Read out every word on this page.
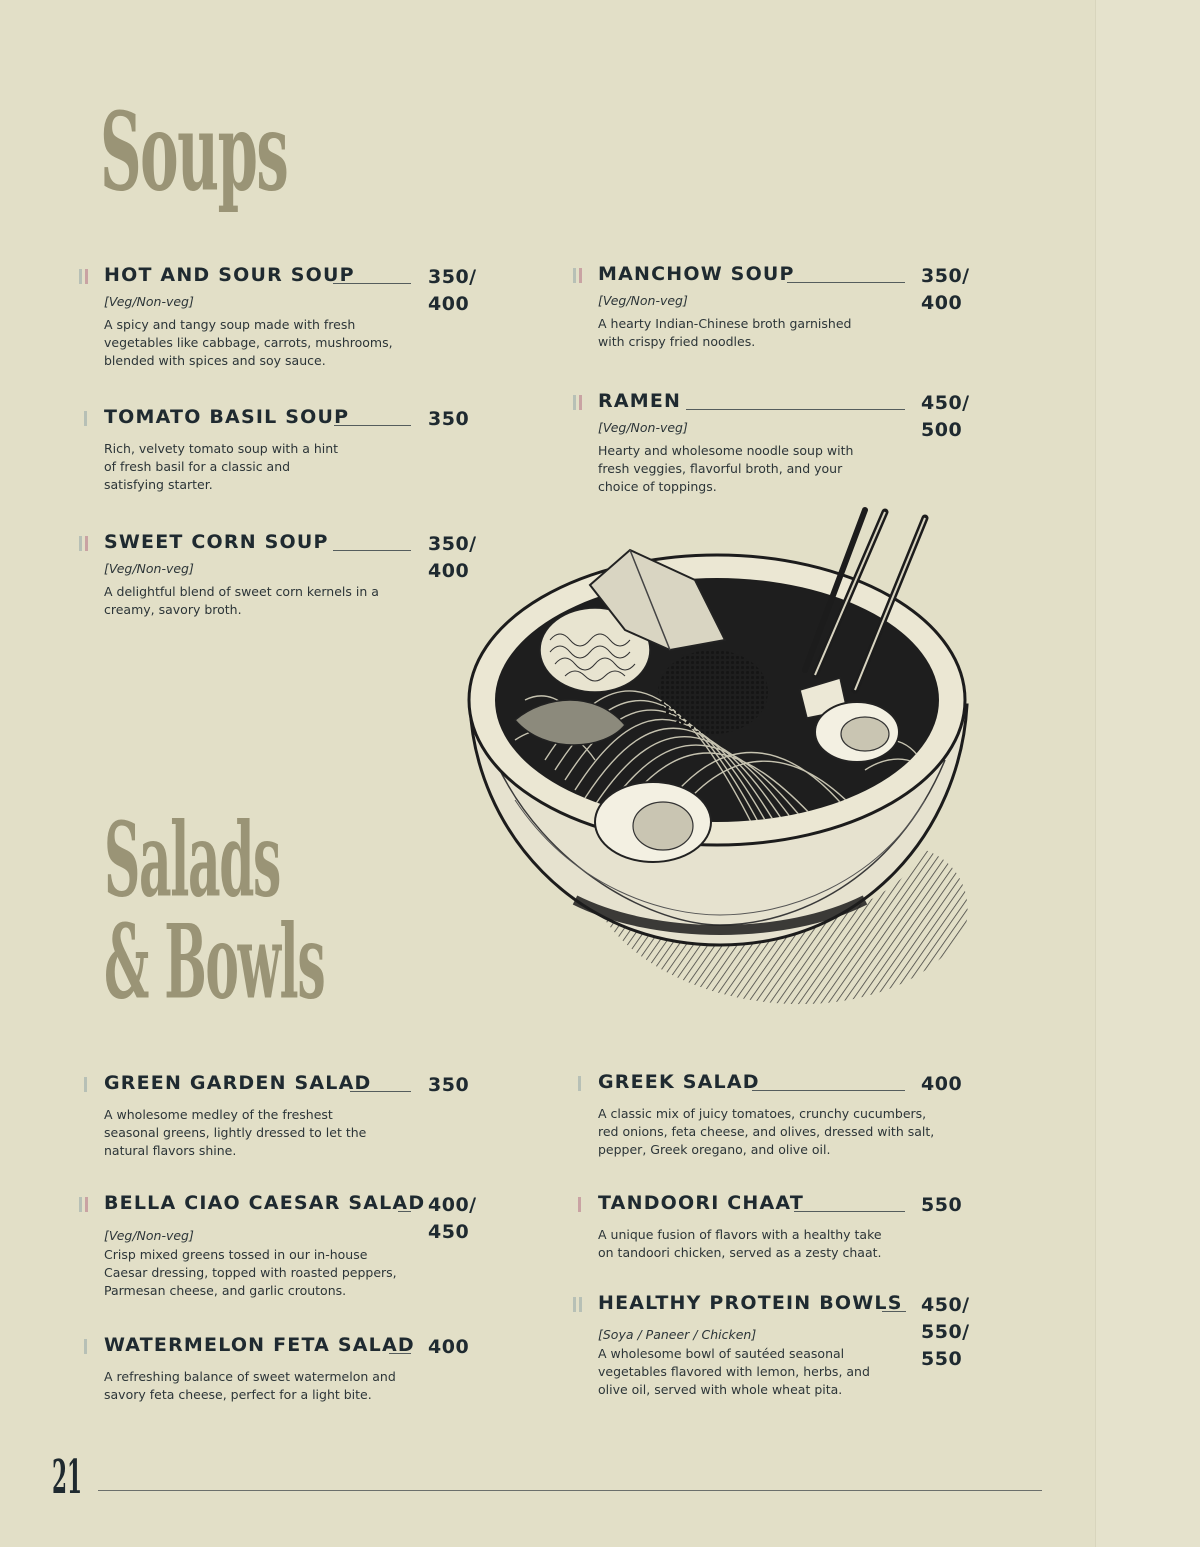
Soups
HOT AND SOUR SOUP	350/
400
[Veg/Non-veg]
A spicy and tangy soup made with fresh vegetables like cabbage, carrots, mushrooms, blended with spices and soy sauce.
TOMATO BASIL SOUP	350
Rich, velvety tomato soup with a hint of fresh basil for a classic and satisfying starter.
SWEET CORN SOUP	350/
400
[Veg/Non-veg]
A delightful blend of sweet corn kernels in a creamy, savory broth.
MANCHOW SOUP	350/
400
[Veg/Non-veg]
A hearty Indian-Chinese broth garnished with crispy fried noodles.
RAMEN	450/
500
[Veg/Non-veg]
Hearty and wholesome noodle soup with fresh veggies, flavorful broth, and your choice of toppings.
Salads
& Bowls
GREEN GARDEN SALAD	350
A wholesome medley of the freshest seasonal greens, lightly dressed to let the natural flavors shine.
BELLA CIAO CAESAR SALAD 400/
450
[Veg/Non-veg]
Crisp mixed greens tossed in our in-house Caesar dressing, topped with roasted peppers, Parmesan cheese, and garlic croutons.
WATERMELON FETA SALAD 400
A refreshing balance of sweet watermelon and savory feta cheese, perfect for a light bite.
GREEK SALAD	400
A classic mix of juicy tomatoes, crunchy cucumbers, red onions, feta cheese, and olives, dressed with salt, pepper, Greek oregano, and olive oil.
TANDOORI CHAAT	550
A unique fusion of flavors with a healthy take on tandoori chicken, served as a zesty chaat.
HEALTHY PROTEIN BOWLS 450/
550/
550
[Soya / Paneer / Chicken]
A wholesome bowl of sautéed seasonal vegetables flavored with lemon, herbs, and olive oil, served with whole wheat pita.
21
